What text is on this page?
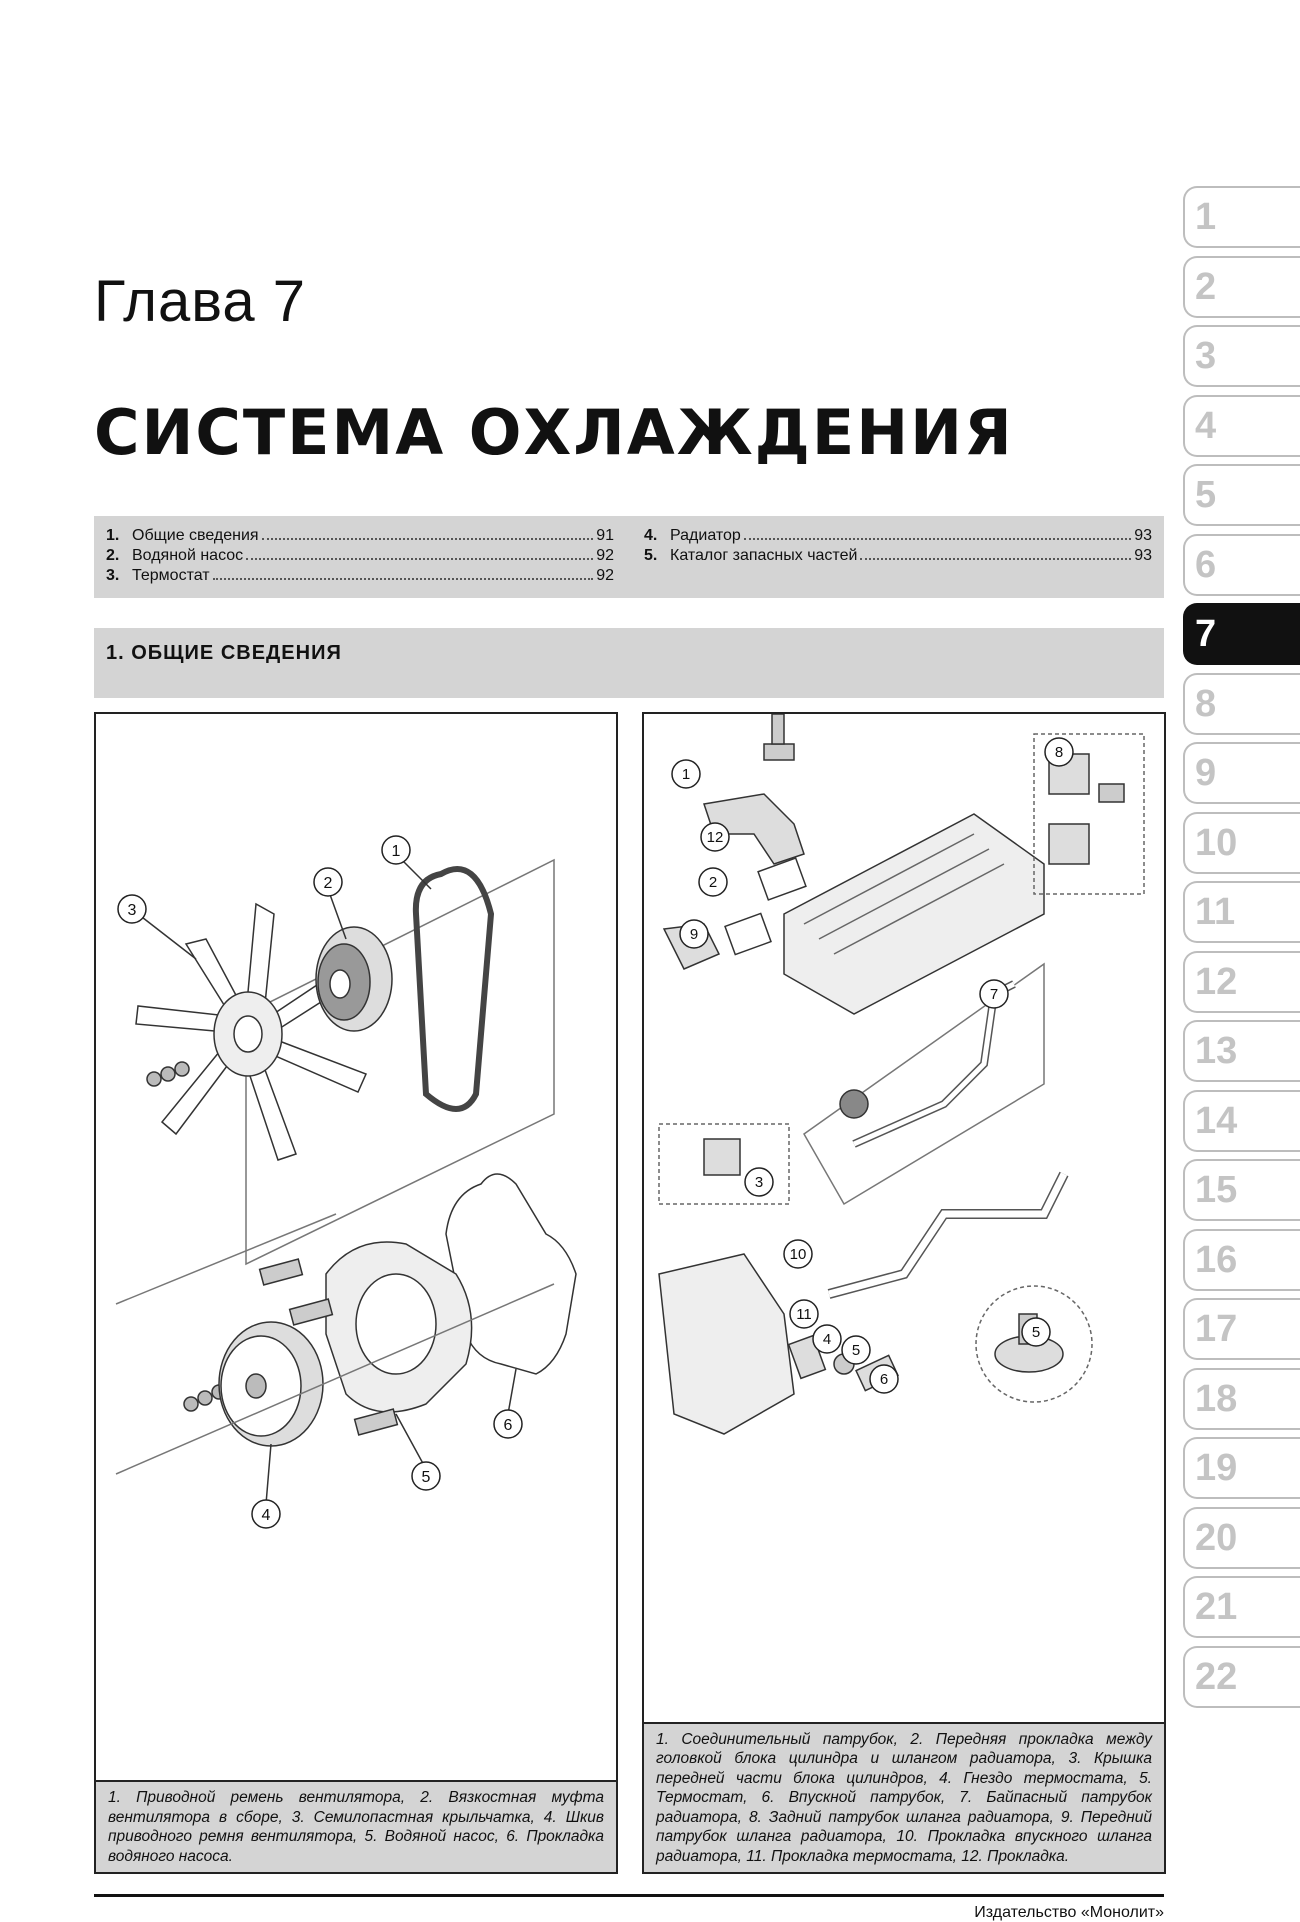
Глава 7
СИСТЕМА ОХЛАЖДЕНИЯ
1. Общие сведения	91
2. Водяной насос	92
3. Термостат	92
4. Радиатор	93
5. Каталог запасных частей	93
1. ОБЩИЕ СВЕДЕНИЯ
1
2
3
4
5
6
1. Приводной ремень вентилятора, 2. Вязкостная муфта вентилятора в сборе, 3. Семилопастная крыльчатка, 4. Шкив приводного ремня вентилятора, 5. Водяной насос, 6. Прокладка водяного насоса.
1
2
3
4
5
5
6
7
8
9
10
11
12
1. Соединительный патрубок, 2. Передняя прокладка между головкой блока цилиндра и шлангом радиатора, 3. Крышка передней части блока цилиндров, 4. Гнездо термостата, 5. Термостат, 6. Впускной патрубок, 7. Байпасный патрубок радиатора, 8. Задний патрубок шланга радиатора, 9. Передний патрубок шланга радиатора, 10. Прокладка впускного шланга радиатора, 11. Прокладка термостата, 12. Прокладка.
1
2
3
4
5
6
7
8
9
10
11
12
13
14
15
16
17
18
19
20
21
22
Издательство «Монолит»
